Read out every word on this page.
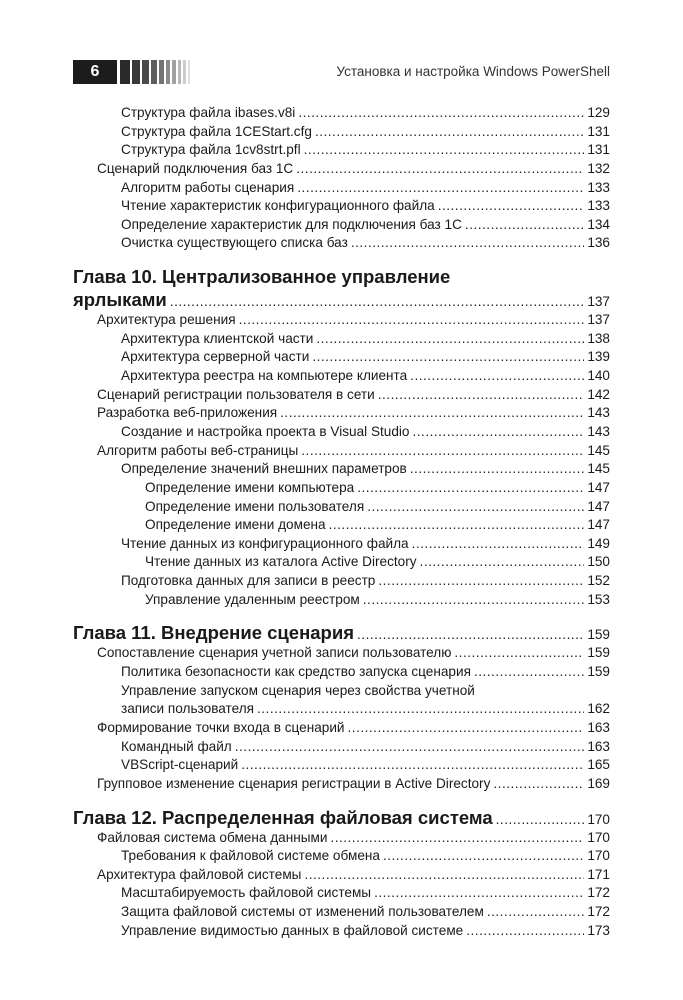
6	Установка и настройка Windows PowerShell
Структура файла ibases.v8i .....	129
Структура файла 1CEStart.cfg .....	131
Структура файла 1cv8strt.pfl .....	131
Сценарий подключения баз 1С .....	132
Алгоритм работы сценария .....	133
Чтение характеристик конфигурационного файла .....	133
Определение характеристик для подключения баз 1С .....	134
Очистка существующего списка баз .....	136
Глава 10. Централизованное управление
ярлыками .....	137
Архитектура решения .....	137
Архитектура клиентской части .....	138
Архитектура серверной части .....	139
Архитектура реестра на компьютере клиента .....	140
Сценарий регистрации пользователя в сети .....	142
Разработка веб-приложения .....	143
Создание и настройка проекта в Visual Studio .....	143
Алгоритм работы веб-страницы .....	145
Определение значений внешних параметров .....	145
Определение имени компьютера .....	147
Определение имени пользователя .....	147
Определение имени домена .....	147
Чтение данных из конфигурационного файла .....	149
Чтение данных из каталога Active Directory .....	150
Подготовка данных для записи в реестр .....	152
Управление удаленным реестром .....	153
Глава 11. Внедрение сценария .....	159
Сопоставление сценария учетной записи пользователю .....	159
Политика безопасности как средство запуска сценария .....	159
Управление запуском сценария через свойства учетной
записи пользователя .....	162
Формирование точки входа в сценарий .....	163
Командный файл .....	163
VBScript-сценарий .....	165
Групповое изменение сценария регистрации в Active Directory .....	169
Глава 12. Распределенная файловая система .....	170
Файловая система обмена данными .....	170
Требования к файловой системе обмена .....	170
Архитектура файловой системы .....	171
Масштабируемость файловой системы .....	172
Защита файловой системы от изменений пользователем .....	172
Управление видимостью данных в файловой системе .....	173
